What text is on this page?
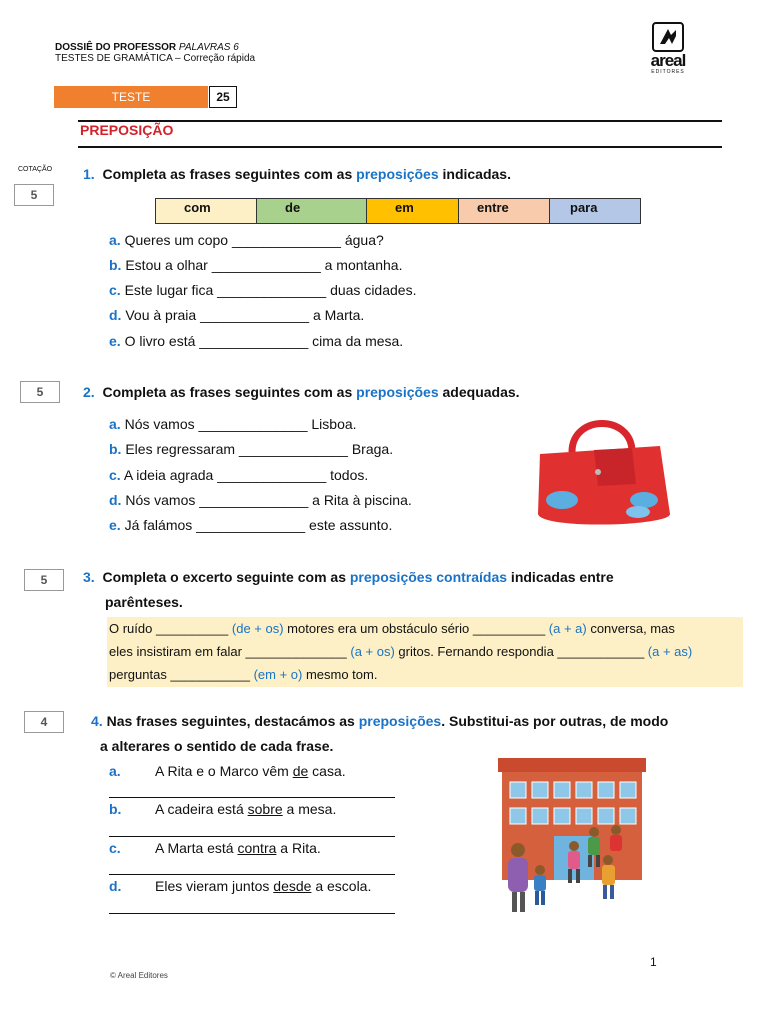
DOSSIÊ DO PROFESSOR PALAVRAS 6
TESTES DE GRAMÁTICA – Correção rápida	areal
EDITORES
TESTE	25
PREPOSIÇÃO
COTAÇÃO
5
1. Completa as frases seguintes com as preposições indicadas.
com	de	em	entre	para
a. Queres um copo ______________ água?
b. Estou a olhar ______________ a montanha.
c. Este lugar fica ______________ duas cidades.
d. Vou à praia ______________ a Marta.
e. O livro está ______________ cima da mesa.
5	2. Completa as frases seguintes com as preposições adequadas.
a. Nós vamos ______________ Lisboa.
b. Eles regressaram ______________ Braga.
c. A ideia agrada ______________ todos.
d. Nós vamos ______________ a Rita à piscina.
e. Já falámos ______________ este assunto.
5	3. Completa o excerto seguinte com as preposições contraídas indicadas entre
parênteses.
O ruído __________ (de + os) motores era um obstáculo sério __________ (a + a) conversa, mas
eles insistiram em falar ______________ (a + os) gritos. Fernando respondia ____________ (a + as)
perguntas ___________ (em + o) mesmo tom.
4	4. Nas frases seguintes, destacámos as preposições. Substitui-as por outras, de modo
a alterares o sentido de cada frase.
a. A Rita e o Marco vêm de casa.
b. A cadeira está sobre a mesa.
c. A Marta está contra a Rita.
d. Eles vieram juntos desde a escola.
© Areal Editores
1
